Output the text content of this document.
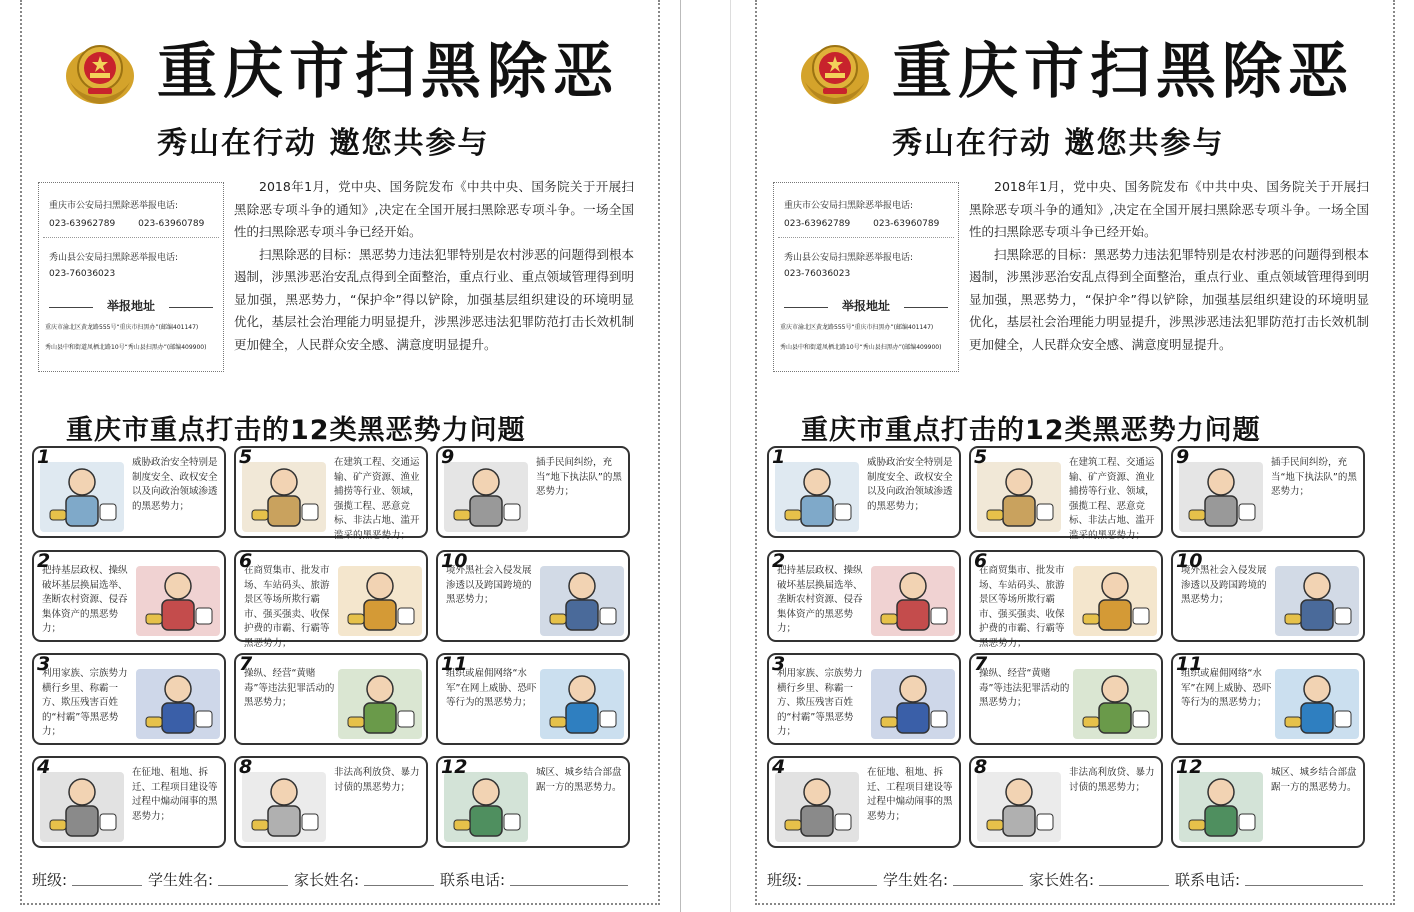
重庆市扫黑除恶
秀山在行动 邀您共参与
重庆市公安局扫黑除恶举报电话:
023-63962789	023-63960789
秀山县公安局扫黑除恶举报电话:
023-76036023
举报地址
重庆市渝北区黄龙路555号“重庆市扫黑办”(邮编401147)
秀山县中和街道凤栖北路10号“秀山县扫黑办”(邮编409900)

2018年1月，党中央、国务院发布《中共中央、国务院关于开展扫黑除恶专项斗争的通知》,决定在全国开展扫黑除恶专项斗争。一场全国性的扫黑除恶专项斗争已经开始。

扫黑除恶的目标：黑恶势力违法犯罪特别是农村涉恶的问题得到根本遏制，涉黑涉恶治安乱点得到全面整治，重点行业、重点领域管理得到明显加强，黑恶势力，“保护伞”得以铲除，加强基层组织建设的环境明显优化，基层社会治理能力明显提升，涉黑涉恶违法犯罪防范打击长效机制更加健全，人民群众安全感、满意度明显提升。

重庆市重点打击的12类黑恶势力问题
1	威胁政治安全特别是制度安全、政权安全以及向政治领域渗透的黑恶势力；
5	在建筑工程、交通运输、矿产资源、渔业捕捞等行业、领域，强揽工程、恶意竞标、非法占地、滥开滥采的黑恶势力；
9	插手民间纠纷，充当“地下执法队”的黑恶势力；
2
把持基层政权、操纵破坏基层换届选举、垄断农村资源、侵吞集体资产的黑恶势力；
6
在商贸集市、批发市场、车站码头、旅游景区等场所欺行霸市、强买强卖、收保护费的市霸、行霸等黑恶势力；
10
境外黑社会入侵发展渗透以及跨国跨境的黑恶势力；
3
利用家族、宗族势力横行乡里、称霸一方、欺压残害百姓的“村霸”等黑恶势力；
7
操纵、经营“黄赌毒”等违法犯罪活动的黑恶势力；
11
组织或雇佣网络“水军”在网上威胁、恐吓等行为的黑恶势力；
4	在征地、租地、拆迁、工程项目建设等过程中煽动闹事的黑恶势力；
8	非法高利放贷、暴力讨债的黑恶势力；
12	城区、城乡结合部盘踞一方的黑恶势力。
班级:	学生姓名:	家长姓名:	联系电话:
重庆市扫黑除恶
秀山在行动 邀您共参与
重庆市公安局扫黑除恶举报电话:
023-63962789	023-63960789
秀山县公安局扫黑除恶举报电话:
023-76036023
举报地址
重庆市渝北区黄龙路555号“重庆市扫黑办”(邮编401147)
秀山县中和街道凤栖北路10号“秀山县扫黑办”(邮编409900)

2018年1月，党中央、国务院发布《中共中央、国务院关于开展扫黑除恶专项斗争的通知》,决定在全国开展扫黑除恶专项斗争。一场全国性的扫黑除恶专项斗争已经开始。

扫黑除恶的目标：黑恶势力违法犯罪特别是农村涉恶的问题得到根本遏制，涉黑涉恶治安乱点得到全面整治，重点行业、重点领域管理得到明显加强，黑恶势力，“保护伞”得以铲除，加强基层组织建设的环境明显优化，基层社会治理能力明显提升，涉黑涉恶违法犯罪防范打击长效机制更加健全，人民群众安全感、满意度明显提升。

重庆市重点打击的12类黑恶势力问题
1	威胁政治安全特别是制度安全、政权安全以及向政治领域渗透的黑恶势力；
5	在建筑工程、交通运输、矿产资源、渔业捕捞等行业、领域，强揽工程、恶意竞标、非法占地、滥开滥采的黑恶势力；
9	插手民间纠纷，充当“地下执法队”的黑恶势力；
2
把持基层政权、操纵破坏基层换届选举、垄断农村资源、侵吞集体资产的黑恶势力；
6
在商贸集市、批发市场、车站码头、旅游景区等场所欺行霸市、强买强卖、收保护费的市霸、行霸等黑恶势力；
10
境外黑社会入侵发展渗透以及跨国跨境的黑恶势力；
3
利用家族、宗族势力横行乡里、称霸一方、欺压残害百姓的“村霸”等黑恶势力；
7
操纵、经营“黄赌毒”等违法犯罪活动的黑恶势力；
11
组织或雇佣网络“水军”在网上威胁、恐吓等行为的黑恶势力；
4	在征地、租地、拆迁、工程项目建设等过程中煽动闹事的黑恶势力；
8	非法高利放贷、暴力讨债的黑恶势力；
12	城区、城乡结合部盘踞一方的黑恶势力。
班级:	学生姓名:	家长姓名:	联系电话:
